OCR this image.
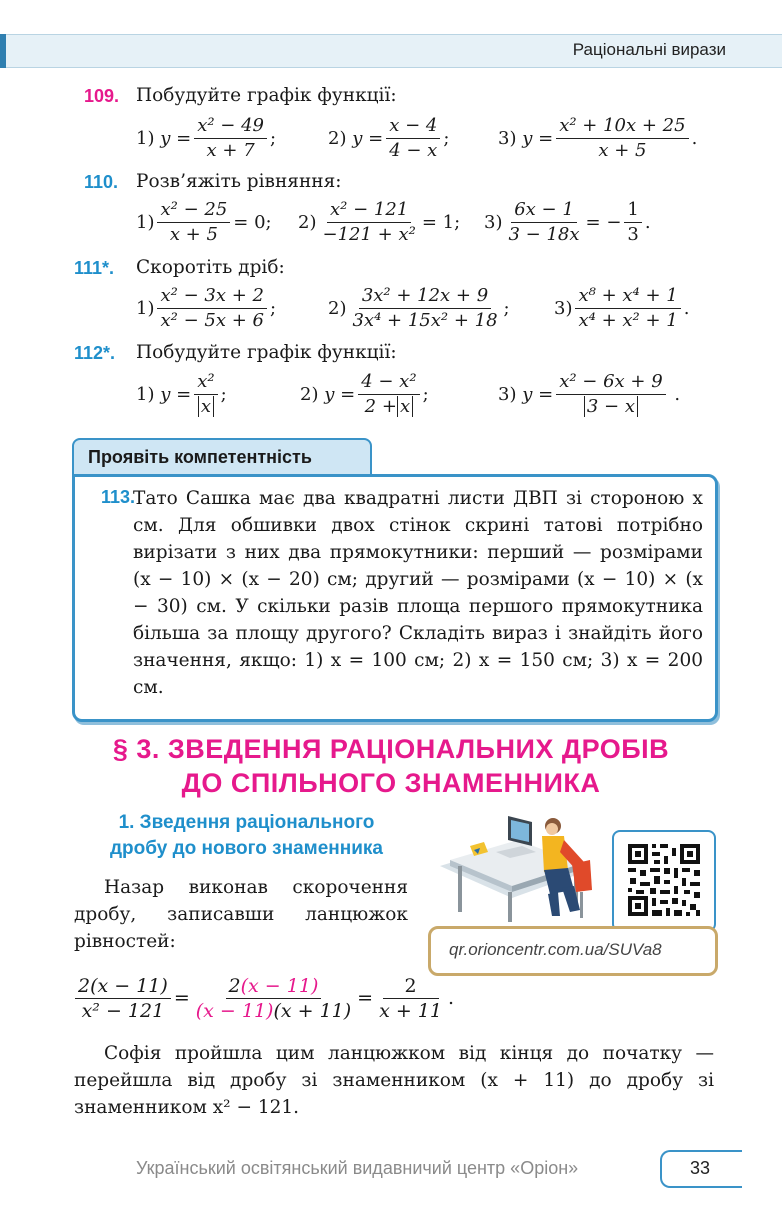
Раціональні вирази
109. Побудуйте графік функції:
1)
$y = \frac{\text{x² − 49}}{x + 7}$ ;	2)
$y = \frac{x - 4}{4 - x}$ ;	3)
$y = \frac{\text{x² + 10x + 25}}{x + 5}$ .
110. Розв’яжіть рівняння:
$1) \frac{\text{x² − 25}}{x + 5} = 0$; $2) \frac{\text{x² − 121}}{\text{−121 + x²}} = 1$; $3) \frac{6x - 1}{3 - 18x}$ = − $\frac{1}{3}$ .
111*. Скоротіть дріб:
$1) \frac{\text{x² − 3x + 2}}{\text{x² − 5x + 6}}$ ;	$2) \frac{\text{3x² + 12x + 9}}{\text{3x⁴ + 15x² + 18}}$ ; $3) \frac{\text{x⁸ + x⁴ + 1}}{\text{x⁴ + x² + 1}}$ .
112*. Побудуйте графік функції:
1)
$y = \frac{\text{x²}}{x}$ ;	2)
$y = \frac{\text{4 − x²}}{2 + x}$ ;	3)
$y = \frac{\text{x² − 6x + 9}}{3 - x}$
.
Проявіть компетентність
113.
Тато Сашка має два квадратні листи ДВП зі стороною x см. Для обшивки двох стінок скрині татові потрібно вирізати з них два прямокутники: перший — розмірами (x − 10) × (x − 20) см; другий — розмірами (x − 10) × (x − 30) см. У скільки разів площа першого прямокутника більша за площу другого? Складіть вираз і знайдіть його значення, якщо: 1) x = 100 см; 2) x = 150 см; 3) x = 200 см.
§ 3. ЗВЕДЕННЯ РАЦІОНАЛЬНИХ ДРОБІВ
ДО СПІЛЬНОГО ЗНАМЕННИКА
1. Зведення раціонального
дробу до нового знаменника
qr.orioncentr.com.ua/SUVa8
Назар виконав скорочення дробу, записавши ланцюжок рівностей:
$\frac{2(x - 11)}{\text{x² − 121}} = \frac{2(x - 11)}{(x - 11)(x + 11)} = \frac{2}{x + 11}$ .
Софія пройшла цим ланцюжком від кінця до початку — перейшла від дробу зі знаменником (x + 11) до дробу зі знаменником x² − 121.
Український освітянський видавничий центр «Оріон»	33
